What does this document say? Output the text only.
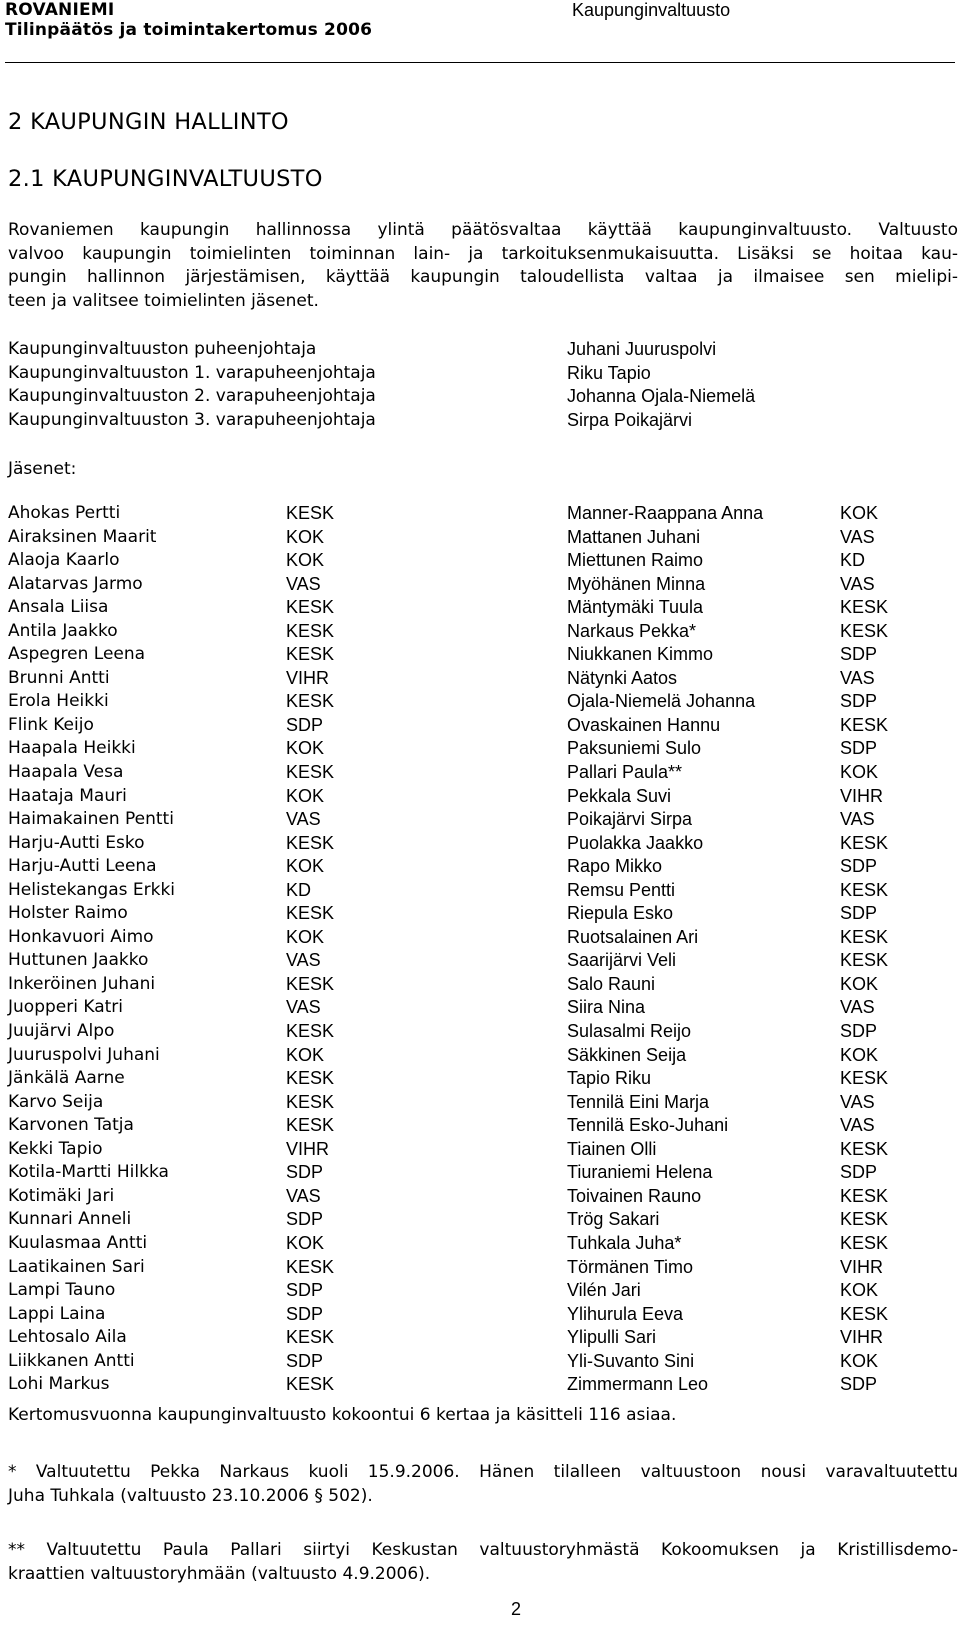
ROVANIEMI
Tilinpäätös ja toimintakertomus 2006
Kaupunginvaltuusto
2 KAUPUNGIN HALLINTO
2.1 KAUPUNGINVALTUUSTO
Rovaniemen kaupungin hallinnossa ylintä päätösvaltaa käyttää kaupunginvaltuusto. Valtuusto
valvoo kaupungin toimielinten toiminnan lain- ja tarkoituksenmukaisuutta. Lisäksi se hoitaa kau-
pungin hallinnon järjestämisen, käyttää kaupungin taloudellista valtaa ja ilmaisee sen mielipi-
teen ja valitsee toimielinten jäsenet.
Kaupunginvaltuuston puheenjohtaja	Juhani Juuruspolvi
Kaupunginvaltuuston 1. varapuheenjohtaja	Riku Tapio
Kaupunginvaltuuston 2. varapuheenjohtaja	Johanna Ojala-Niemelä
Kaupunginvaltuuston 3. varapuheenjohtaja	Sirpa Poikajärvi
Jäsenet:
Ahokas Pertti	KESK	Manner-Raappana Anna	KOK
Airaksinen Maarit	KOK	Mattanen Juhani	VAS
Alaoja Kaarlo	KOK	Miettunen Raimo	KD
Alatarvas Jarmo	VAS	Myöhänen Minna	VAS
Ansala Liisa	KESK	Mäntymäki Tuula	KESK
Antila Jaakko	KESK	Narkaus Pekka*	KESK
Aspegren Leena	KESK	Niukkanen Kimmo	SDP
Brunni Antti	VIHR	Nätynki Aatos	VAS
Erola Heikki	KESK	Ojala-Niemelä Johanna	SDP
Flink Keijo	SDP	Ovaskainen Hannu	KESK
Haapala Heikki	KOK	Paksuniemi Sulo	SDP
Haapala Vesa	KESK	Pallari Paula**	KOK
Haataja Mauri	KOK	Pekkala Suvi	VIHR
Haimakainen Pentti	VAS	Poikajärvi Sirpa	VAS
Harju-Autti Esko	KESK	Puolakka Jaakko	KESK
Harju-Autti Leena	KOK	Rapo Mikko	SDP
Helistekangas Erkki	KD	Remsu Pentti	KESK
Holster Raimo	KESK	Riepula Esko	SDP
Honkavuori Aimo	KOK	Ruotsalainen Ari	KESK
Huttunen Jaakko	VAS	Saarijärvi Veli	KESK
Inkeröinen Juhani	KESK	Salo Rauni	KOK
Juopperi Katri	VAS	Siira Nina	VAS
Juujärvi Alpo	KESK	Sulasalmi Reijo	SDP
Juuruspolvi Juhani	KOK	Säkkinen Seija	KOK
Jänkälä Aarne	KESK	Tapio Riku	KESK
Karvo Seija	KESK	Tennilä Eini Marja	VAS
Karvonen Tatja	KESK	Tennilä Esko-Juhani	VAS
Kekki Tapio	VIHR	Tiainen Olli	KESK
Kotila-Martti Hilkka	SDP	Tiuraniemi Helena	SDP
Kotimäki Jari	VAS	Toivainen Rauno	KESK
Kunnari Anneli	SDP	Trög Sakari	KESK
Kuulasmaa Antti	KOK	Tuhkala Juha*	KESK
Laatikainen Sari	KESK	Törmänen Timo	VIHR
Lampi Tauno	SDP	Vilén Jari	KOK
Lappi Laina	SDP	Ylihurula Eeva	KESK
Lehtosalo Aila	KESK	Ylipulli Sari	VIHR
Liikkanen Antti	SDP	Yli-Suvanto Sini	KOK
Lohi Markus	KESK	Zimmermann Leo	SDP
Kertomusvuonna kaupunginvaltuusto kokoontui 6 kertaa ja käsitteli 116 asiaa.
* Valtuutettu Pekka Narkaus kuoli 15.9.2006. Hänen tilalleen valtuustoon nousi varavaltuutettu
Juha Tuhkala (valtuusto 23.10.2006 § 502).
** Valtuutettu Paula Pallari siirtyi Keskustan valtuustoryhmästä Kokoomuksen ja Kristillisdemo-
kraattien valtuustoryhmään (valtuusto 4.9.2006).
2
